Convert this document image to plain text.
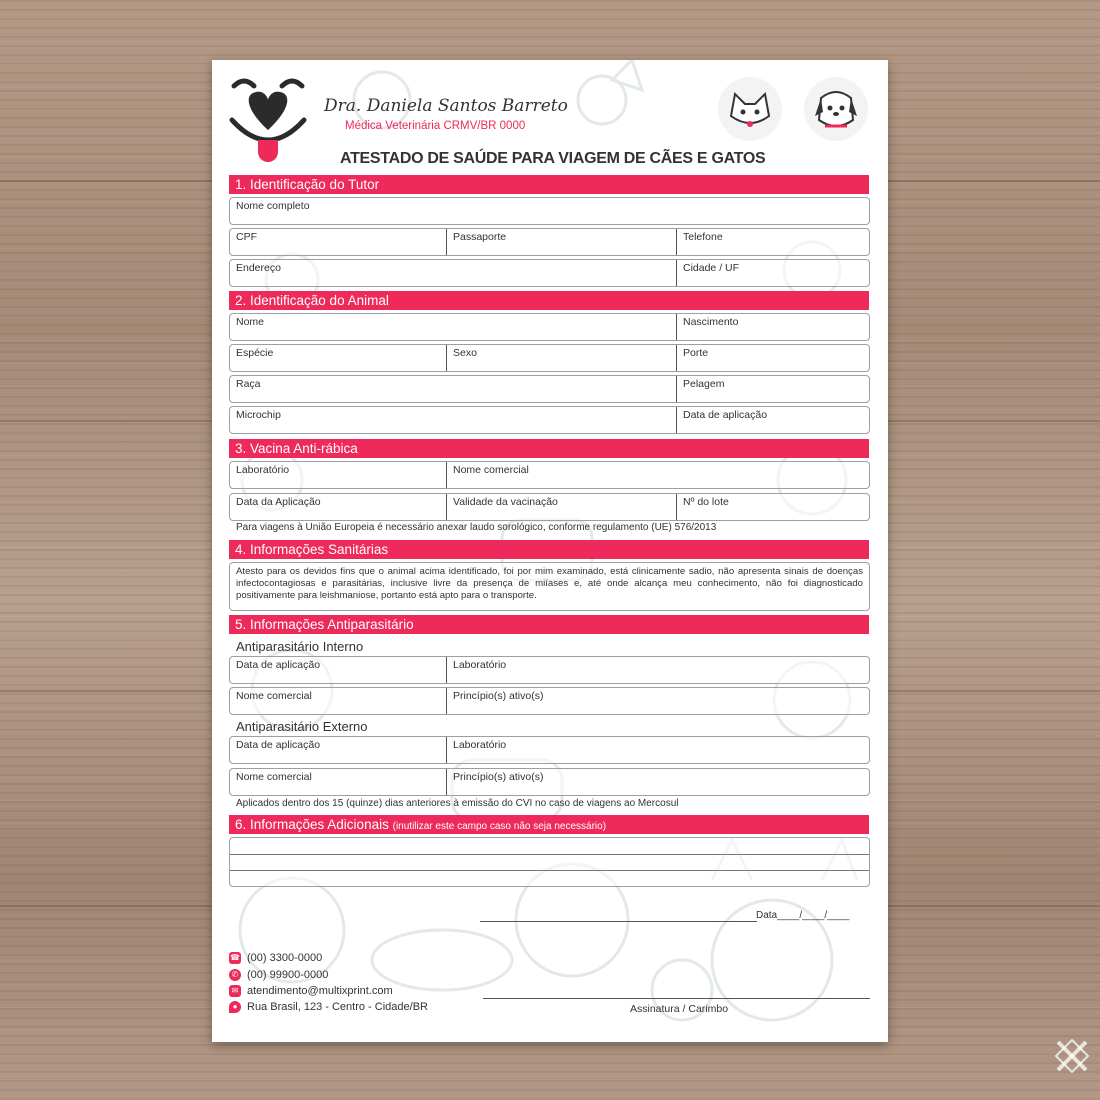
Dra. Daniela Santos Barreto
Médica Veterinária CRMV/BR 0000
ATESTADO DE SAÚDE PARA VIAGEM DE CÃES E GATOS
1. Identificação do Tutor
Nome completo
CPF	Passaporte	Telefone
Endereço	Cidade / UF
2. Identificação do Animal
Nome	Nascimento
Espécie	Sexo	Porte
Raça	Pelagem
Microchip	Data de aplicação
3. Vacina Anti-rábica
Laboratório	Nome comercial
Data da Aplicação	Validade da vacinação	Nº do lote
Para viagens à União Europeia é necessário anexar laudo sorológico, conforme regulamento (UE) 576/2013
4. Informações Sanitárias
Atesto para os devidos fins que o animal acima identificado, foi por mim examinado, está clinicamente sadio, não apresenta sinais de doenças infectocontagiosas e parasitárias, inclusive livre da presença de miíases e, até onde alcança meu conhecimento, não foi diagnosticado positivamente para leishmaniose, portanto está apto para o transporte.
5. Informações Antiparasitário
Antiparasitário Interno
Data de aplicação	Laboratório
Nome comercial	Princípio(s) ativo(s)
Antiparasitário Externo
Data de aplicação	Laboratório
Nome comercial	Princípio(s) ativo(s)
Aplicados dentro dos 15 (quinze) dias anteriores à emissão do CVI no caso de viagens ao Mercosul
6. Informações Adicionais (inutilizar este campo caso não seja necessário)
Data____/____/____
Assinatura / Carimbo
☎ (00) 3300-0000
✆ (00) 99900-0000
✉ atendimento@multixprint.com
● Rua Brasil, 123 - Centro - Cidade/BR
